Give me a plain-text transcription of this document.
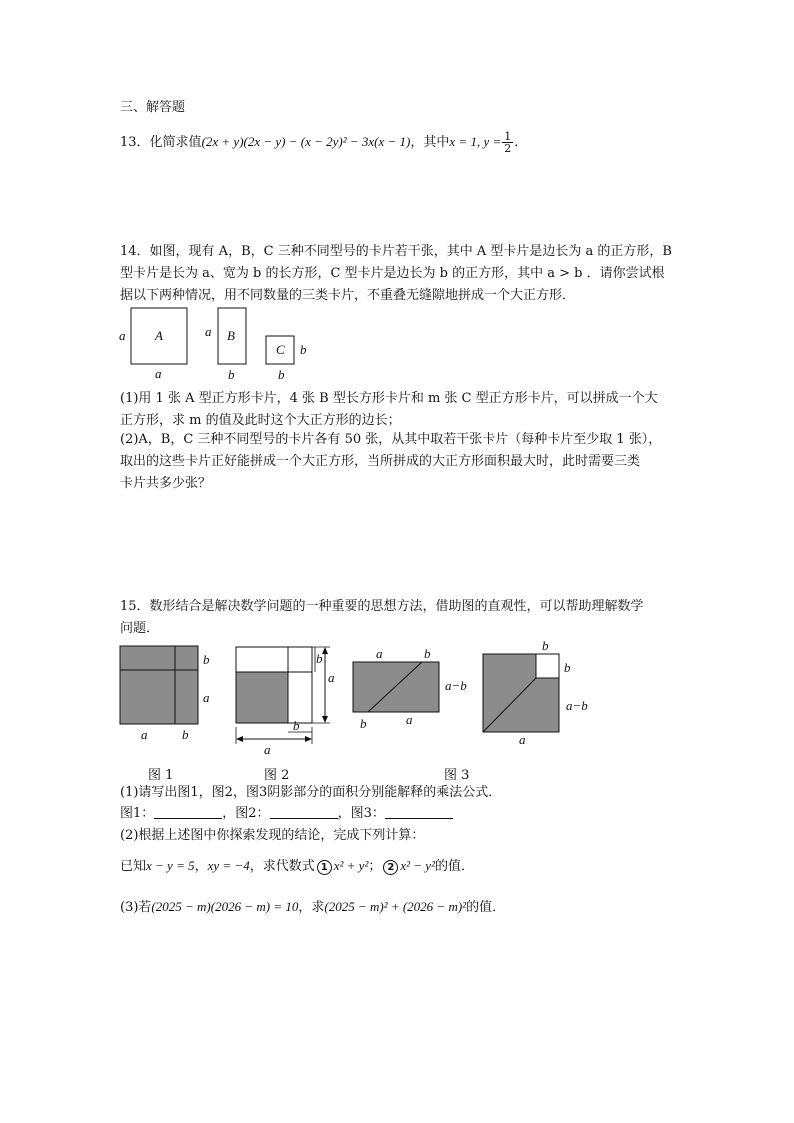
三、解答题
13．化简求值(2x + y)(2x − y) − (x − 2y)² − 3x(x − 1)，其中x = 1, $y = \frac{1}{2}$ ．
14．如图，现有 A，B，C 三种不同型号的卡片若干张，其中 A 型卡片是边长为 a 的正方形，B
型卡片是长为 a、宽为 b 的长方形，C 型卡片是边长为 b 的正方形，其中 a > b ．请你尝试根
据以下两种情况，用不同数量的三类卡片，不重叠无缝隙地拼成一个大正方形．
A
a
a
B
a
b
C b
b
(1)用 1 张 A 型正方形卡片，4 张 B 型长方形卡片和 m 张 C 型正方形卡片，可以拼成一个大
正方形，求 m 的值及此时这个大正方形的边长；
(2)A，B，C 三种不同型号的卡片各有 50 张，从其中取若干张卡片（每种卡片至少取 1 张），
取出的这些卡片正好能拼成一个大正方形，当所拼成的大正方形面积最大时，此时需要三类
卡片共多少张？
15．数形结合是解决数学问题的一种重要的思想方法，借助图的直观性，可以帮助理解数学
问题．
b
a
a	b
b
a
b
a
a	b
a−b
b	a
b
b
a−b
a
图 1	图 2	图 3
(1)请写出图1，图2，图3阴影部分的面积分别能解释的乘法公式．
图1：	，图2：	，图3：
(2)根据上述图中你探索发现的结论，完成下列计算：
已知x − y = 5，xy = −4，求代数式 1 x² + y²； 2 x² − y²的值．
(3)若(2025 − m)(2026 − m) = 10，求(2025 − m)² + (2026 − m)²的值．
